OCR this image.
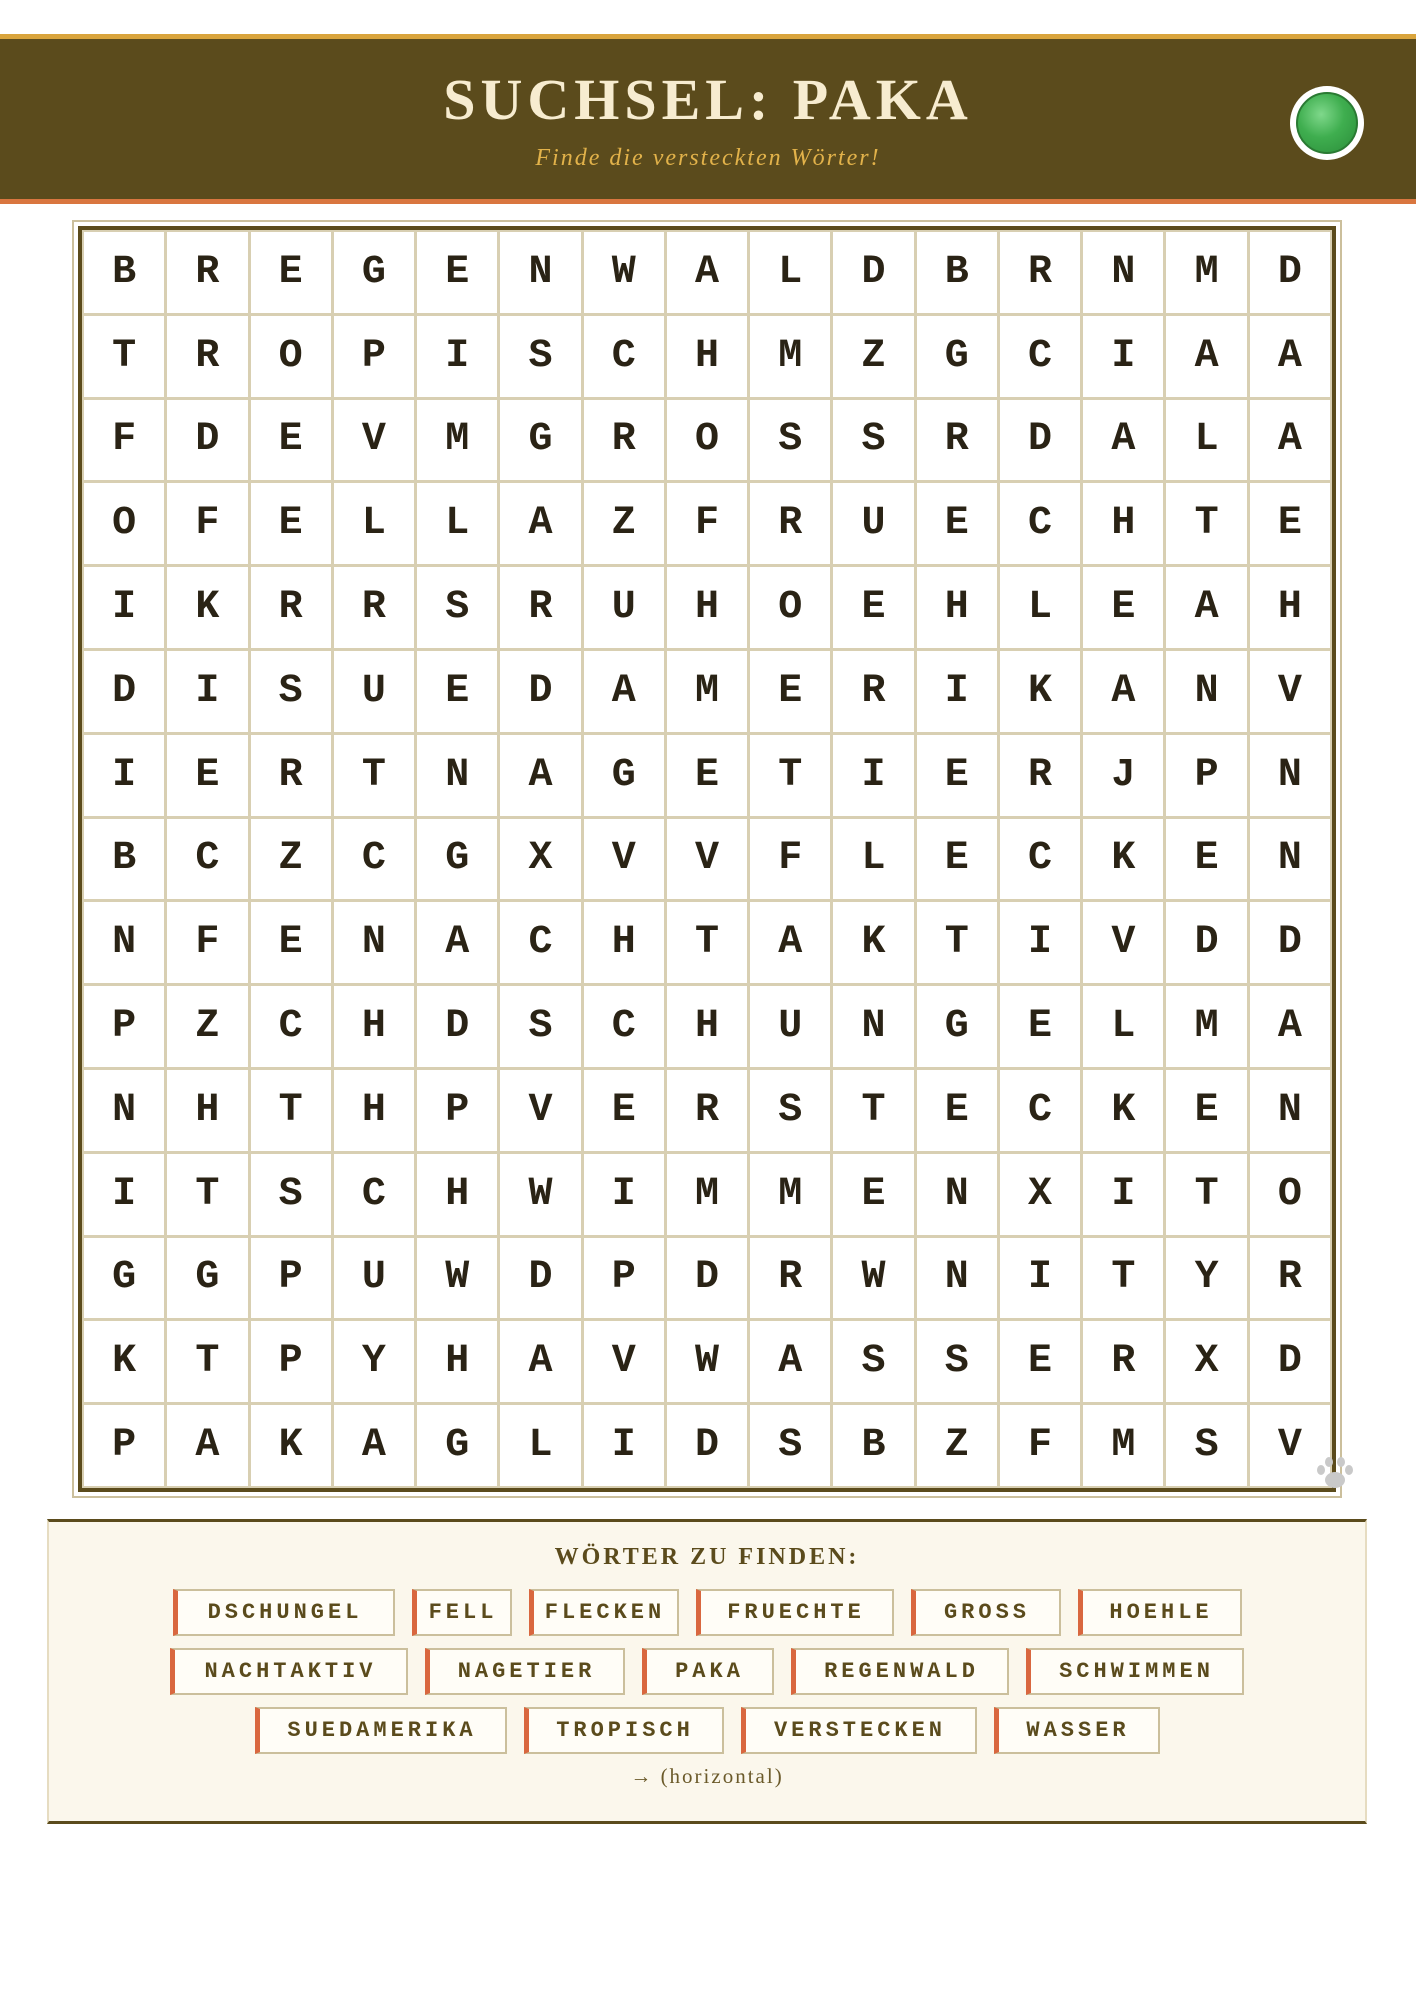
SUCHSEL: PAKA
Finde die versteckten Wörter!
B	R	E	G	E	N	W	A	L	D	B	R	N	M	D
T	R	O	P	I	S	C	H	M	Z	G	C	I	A	A
F	D	E	V	M	G	R	O	S	S	R	D	A	L	A
O	F	E	L	L	A	Z	F	R	U	E	C	H	T	E
I	K	R	R	S	R	U	H	O	E	H	L	E	A	H
D	I	S	U	E	D	A	M	E	R	I	K	A	N	V
I	E	R	T	N	A	G	E	T	I	E	R	J	P	N
B	C	Z	C	G	X	V	V	F	L	E	C	K	E	N
N	F	E	N	A	C	H	T	A	K	T	I	V	D	D
P	Z	C	H	D	S	C	H	U	N	G	E	L	M	A
N	H	T	H	P	V	E	R	S	T	E	C	K	E	N
I	T	S	C	H	W	I	M	M	E	N	X	I	T	O
G	G	P	U	W	D	P	D	R	W	N	I	T	Y	R
K	T	P	Y	H	A	V	W	A	S	S	E	R	X	D
P	A	K	A	G	L	I	D	S	B	Z	F	M	S	V
WÖRTER ZU FINDEN:
DSCHUNGEL	FELL	FLECKEN	FRUECHTE	GROSS	HOEHLE
NACHTAKTIV	NAGETIER	PAKA	REGENWALD	SCHWIMMEN
SUEDAMERIKA	TROPISCH	VERSTECKEN	WASSER
→ (horizontal)
